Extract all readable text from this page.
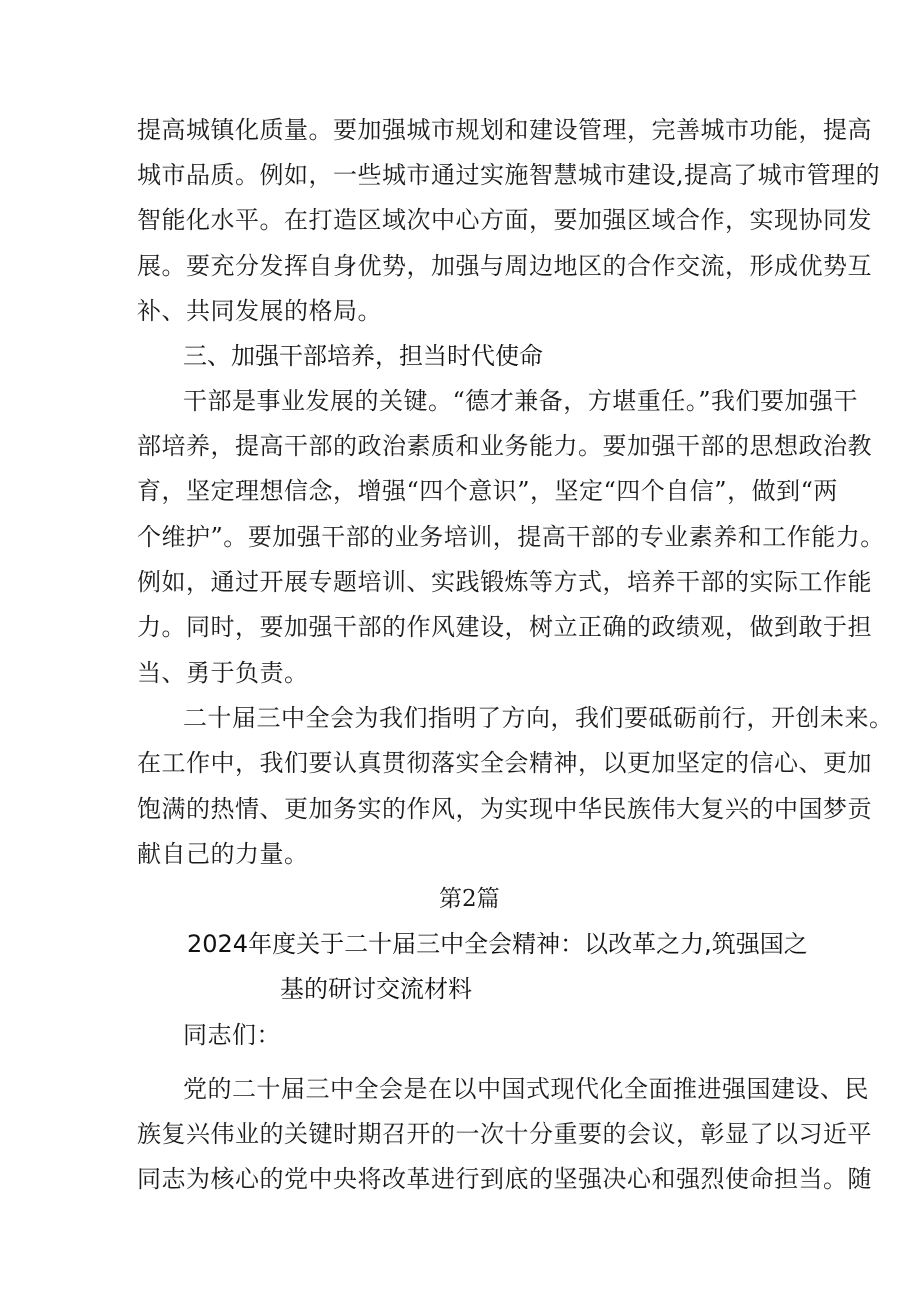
提高城镇化质量。要加强城市规划和建设管理，完善城市功能，提高
城市品质。例如，一些城市通过实施智慧城市建设,提高了城市管理的
智能化水平。在打造区域次中心方面，要加强区域合作，实现协同发
展。要充分发挥自身优势，加强与周边地区的合作交流，形成优势互
补、共同发展的格局。
三、加强干部培养，担当时代使命
干部是事业发展的关键。“德才兼备，方堪重任。”我们要加强干
部培养，提高干部的政治素质和业务能力。要加强干部的思想政治教
育，坚定理想信念，增强“四个意识”，坚定“四个自信”，做到“两
个维护”。要加强干部的业务培训，提高干部的专业素养和工作能力。
例如，通过开展专题培训、实践锻炼等方式，培养干部的实际工作能
力。同时，要加强干部的作风建设，树立正确的政绩观，做到敢于担
当、勇于负责。
二十届三中全会为我们指明了方向，我们要砥砺前行，开创未来。
在工作中，我们要认真贯彻落实全会精神，以更加坚定的信心、更加
饱满的热情、更加务实的作风，为实现中华民族伟大复兴的中国梦贡
献自己的力量。
第2篇
2024年度关于二十届三中全会精神：以改革之力,筑强国之
基的研讨交流材料
同志们：
党的二十届三中全会是在以中国式现代化全面推进强国建设、民
族复兴伟业的关键时期召开的一次十分重要的会议，彰显了以习近平
同志为核心的党中央将改革进行到底的坚强决心和强烈使命担当。随
